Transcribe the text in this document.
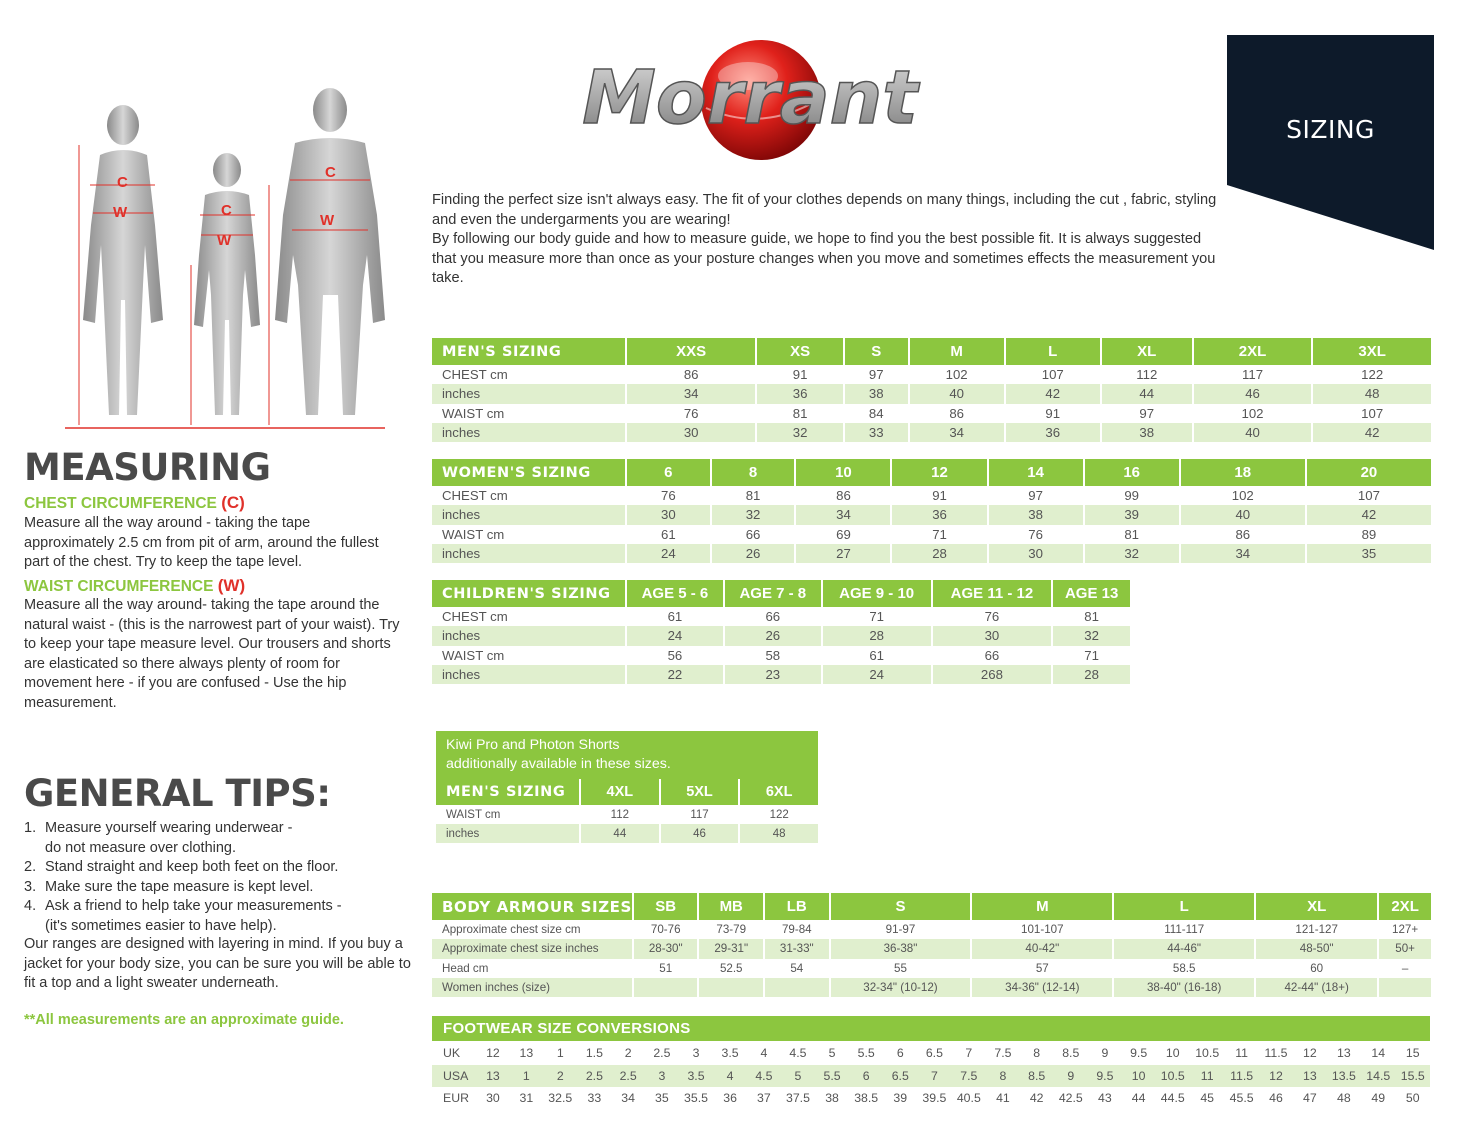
Morrant	SIZING
Finding the perfect size isn't always easy. The fit of your clothes depends on many things, including the cut , fabric, styling and even the undergarments you are wearing!
By following our body guide and how to measure guide, we hope to find you the best possible fit. It is always suggested that you measure more than once as your posture changes when you move and sometimes effects the measurement you take.
C
W	C
W
C
W
MEASURING
CHEST CIRCUMFERENCE (C)
Measure all the way around - taking the tape approximately 2.5 cm from pit of arm, around the fullest part of the chest. Try to keep the tape level.
WAIST CIRCUMFERENCE (W)
Measure all the way around- taking the tape around the natural waist - (this is the narrowest part of your waist). Try to keep your tape measure level. Our trousers and shorts are elasticated so there always plenty of room for movement here - if you are confused - Use the hip measurement.
GENERAL TIPS:
1. Measure yourself wearing underwear -
do not measure over clothing.
2. Stand straight and keep both feet on the floor.
3. Make sure the tape measure is kept level.
4. Ask a friend to help take your measurements -
(it's sometimes easier to have help).
Our ranges are designed with layering in mind. If you buy a jacket for your body size, you can be sure you will be able to fit a top and a light sweater underneath.
**All measurements are an approximate guide.
MEN'S SIZING	XXS	XS	S	M	L	XL	2XL	3XL

CHEST cm	86	91	97	102	107	112	117	122
inches	34	36	38	40	42	44	46	48
WAIST cm	76	81	84	86	91	97	102	107
inches	30	32	33	34	36	38	40	42
WOMEN'S SIZING	6	8	10	12	14	16	18	20

CHEST cm	76	81	86	91	97	99	102	107
inches	30	32	34	36	38	39	40	42
WAIST cm	61	66	69	71	76	81	86	89
inches	24	26	27	28	30	32	34	35
CHILDREN'S SIZING	AGE 5 - 6	AGE 7 - 8	AGE 9 - 10	AGE 11 - 12	AGE 13

CHEST cm	61	66	71	76	81
inches	24	26	28	30	32
WAIST cm	56	58	61	66	71
inches	22	23	24	268	28
Kiwi Pro and Photon Shorts
additionally available in these sizes.
MEN'S SIZING	4XL	5XL	6XL

WAIST cm	112	117	122
inches	44	46	48
BODY ARMOUR SIZES	SB	MB	LB	S	M	L	XL	2XL

Approximate chest size cm	70-76	73-79	79-84	91-97	101-107	111-117	121-127	127+
Approximate chest size inches	28-30"	29-31"	31-33"	36-38"	40-42"	44-46"	48-50"	50+
Head cm	51	52.5	54	55	57	58.5	60	–
Women inches (size)				32-34" (10-12)	34-36" (12-14)	38-40" (16-18)	42-44" (18+)	
FOOTWEAR SIZE CONVERSIONS
UK	12	13	1	1.5	2	2.5	3	3.5	4	4.5	5	5.5	6	6.5	7	7.5	8	8.5	9	9.5	10	10.5	11	11.5	12	13	14	15
USA	13	1	2	2.5	2.5	3	3.5	4	4.5	5	5.5	6	6.5	7	7.5	8	8.5	9	9.5	10	10.5	11	11.5	12	13	13.5	14.5	15.5
EUR	30	31	32.5	33	34	35	35.5	36	37	37.5	38	38.5	39	39.5	40.5	41	42	42.5	43	44	44.5	45	45.5	46	47	48	49	50
